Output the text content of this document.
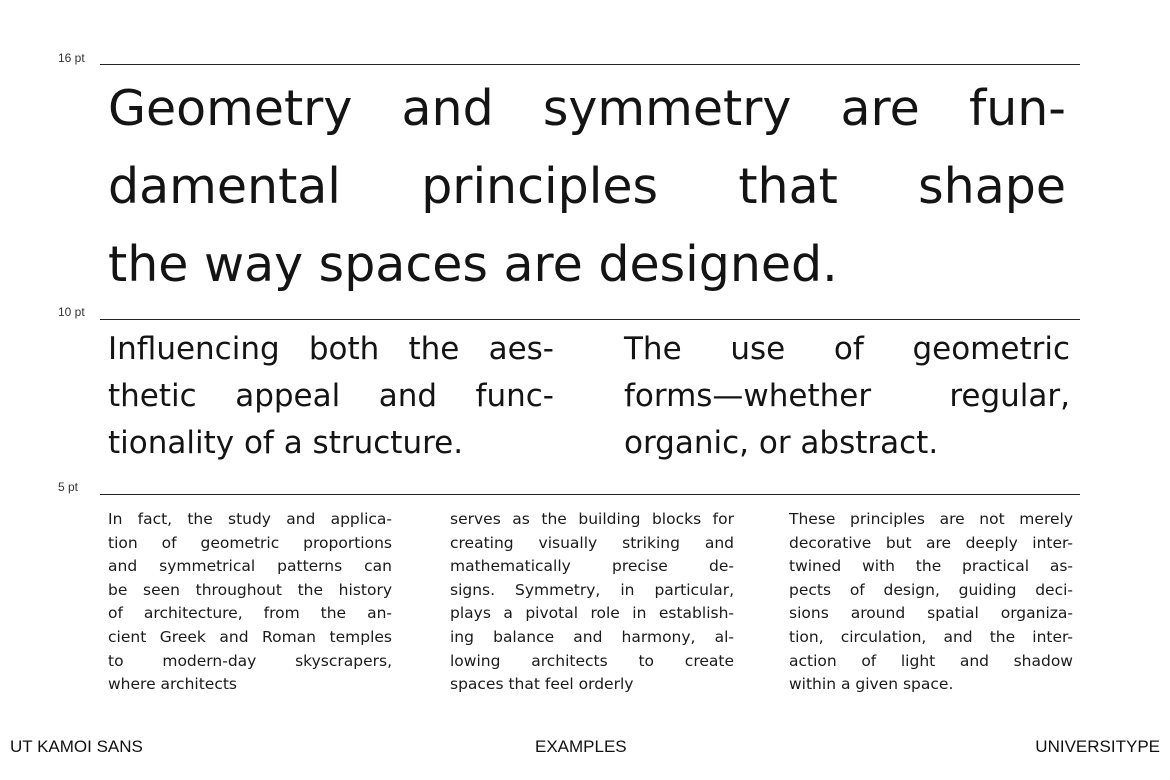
16 pt
Geometry and symmetry are fun-
damental principles that shape
the way spaces are designed.
10 pt

Influencing both the aes-
thetic appeal and func-
tionality of a structure.

The use of geometric
forms—whether regular,
organic, or abstract.

5 pt

In fact, the study and applica-
tion of geometric proportions
and symmetrical patterns can
be seen throughout the history
of architecture, from the an-
cient Greek and Roman temples
to modern-day skyscrapers,
where architects

serves as the building blocks for
creating visually striking and
mathematically precise de-
signs. Symmetry, in particular,
plays a pivotal role in establish-
ing balance and harmony, al-
lowing architects to create
spaces that feel orderly

These principles are not merely
decorative but are deeply inter-
twined with the practical as-
pects of design, guiding deci-
sions around spatial organiza-
tion, circulation, and the inter-
action of light and shadow
within a given space.

UT KAMOI SANS	EXAMPLES	UNIVERSITYPE
